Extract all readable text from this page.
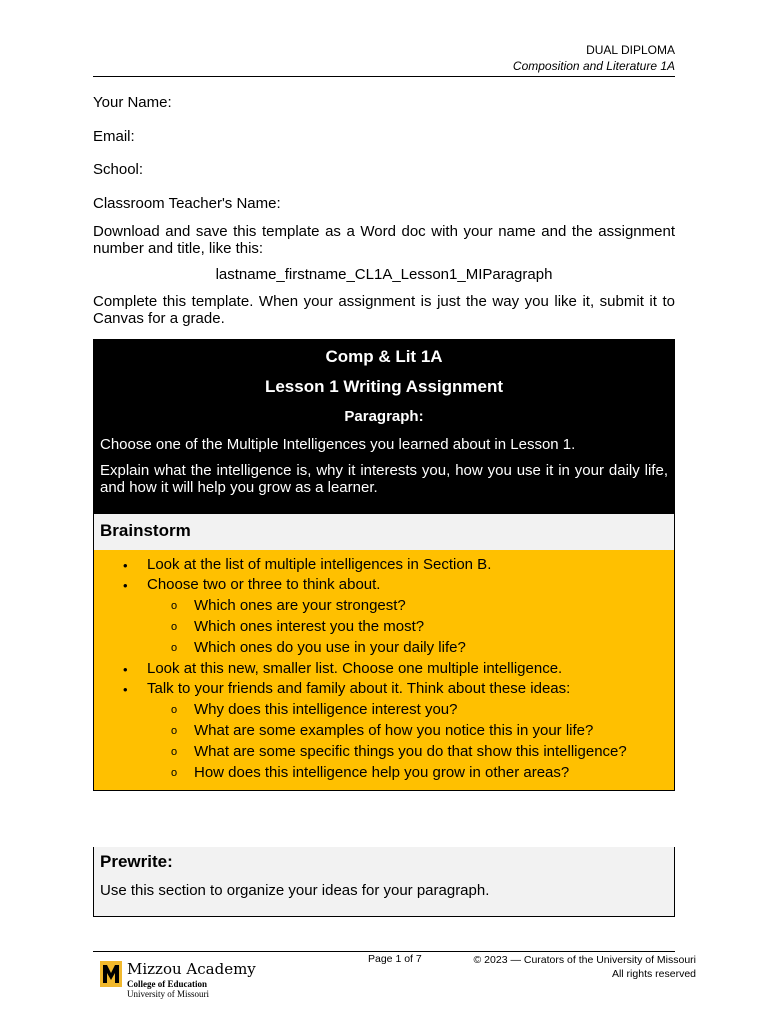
DUAL DIPLOMA
Composition and Literature 1A
Your Name:
Email:
School:
Classroom Teacher's Name:
Download and save this template as a Word doc with your name and the assignment number and title, like this:
lastname_firstname_CL1A_Lesson1_MIParagraph
Complete this template. When your assignment is just the way you like it, submit it to Canvas for a grade.
Comp & Lit 1A
Lesson 1 Writing Assignment
Paragraph:
Choose one of the Multiple Intelligences you learned about in Lesson 1.
Explain what the intelligence is, why it interests you, how you use it in your daily life, and how it will help you grow as a learner.
Brainstorm
• Look at the list of multiple intelligences in Section B.
• Choose two or three to think about.
o Which ones are your strongest?
o Which ones interest you the most?
o Which ones do you use in your daily life?
• Look at this new, smaller list. Choose one multiple intelligence.
• Talk to your friends and family about it. Think about these ideas:
o Why does this intelligence interest you?
o What are some examples of how you notice this in your life?
o What are some specific things you do that show this intelligence?
o How does this intelligence help you grow in other areas?
Prewrite:
Use this section to organize your ideas for your paragraph.
Page 1 of 7	© 2023 — Curators of the University of Missouri
All rights reserved
Mizzou Academy
College of Education
University of Missouri
